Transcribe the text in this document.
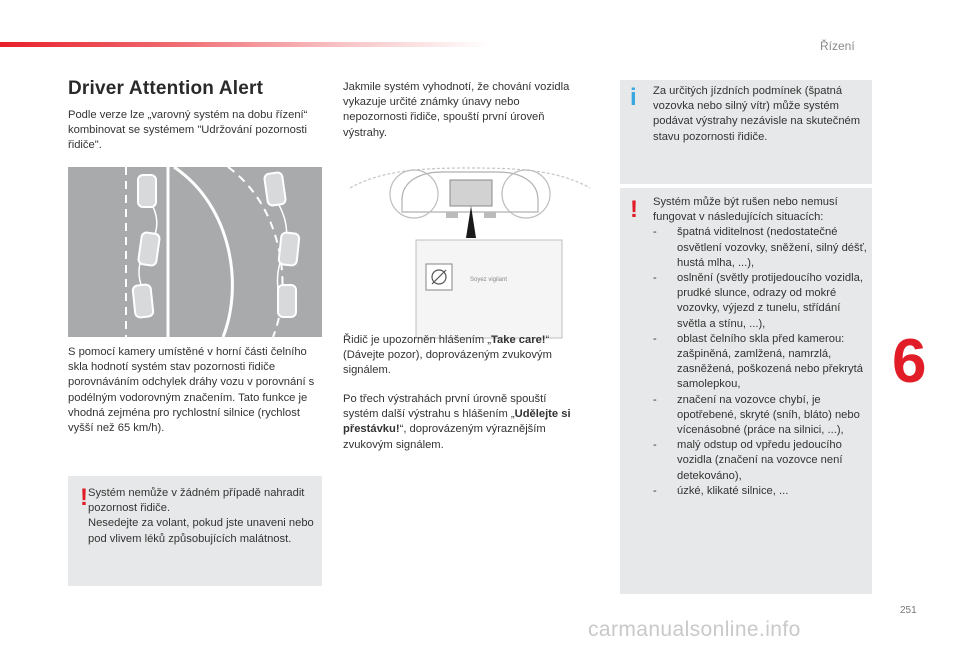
Řízení
Driver Attention Alert

Podle verze lze „varovný systém na dobu řízení“ kombinovat se systémem "Udržování pozornosti řidiče".

S pomocí kamery umístěné v horní části čelního skla hodnotí systém stav pozornosti řidiče porovnáváním odchylek dráhy vozu v porovnání s podélným vodorovným značením. Tato funkce je vhodná zejména pro rychlostní silnice (rychlost vyšší než 65 km/h).

! Systém nemůže v žádném případě nahradit pozornost řidiče.
Nesedejte za volant, pokud jste unaveni nebo pod vlivem léků způsobujících malátnost.

Jakmile systém vyhodnotí, že chování vozidla vykazuje určité známky únavy nebo nepozornosti řidiče, spouští první úroveň výstrahy.

Soyez vigilant

Řidič je upozorněn hlášením „Take care!“ (Dávejte pozor), doprovázeným zvukovým signálem.

Po třech výstrahách první úrovně spouští systém další výstrahu s hlášením „Udělejte si přestávku!“, doprovázeným výraznějším zvukovým signálem.

i Za určitých jízdních podmínek (špatná vozovka nebo silný vítr) může systém podávat výstrahy nezávisle na skutečném stavu pozornosti řidiče.

! Systém může být rušen nebo nemusí fungovat v následujících situacích:
- špatná viditelnost (nedostatečné osvětlení vozovky, sněžení, silný déšť, hustá mlha, ...),
- oslnění (světly protijedoucího vozidla, prudké slunce, odrazy od mokré vozovky, výjezd z tunelu, střídání světla a stínu, ...),
- oblast čelního skla před kamerou: zašpiněná, zamlžená, namrzlá, zasněžená, poškozená nebo překrytá samolepkou,
- značení na vozovce chybí, je opotřebené, skryté (sníh, bláto) nebo vícenásobné (práce na silnici, ...),
- malý odstup od vpředu jedoucího vozidla (značení na vozovce není detekováno),
- úzké, klikaté silnice, ...
6
251
carmanualsonline.info
